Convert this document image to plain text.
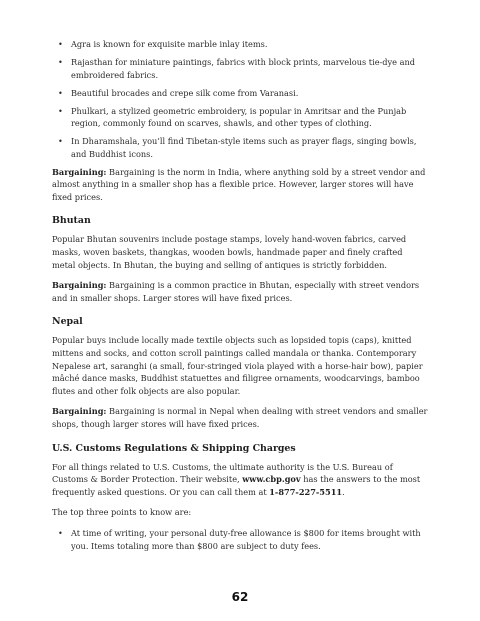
• Agra is known for exquisite marble inlay items.
• Rajasthan for miniature paintings, fabrics with block prints, marvelous tie-dye and embroidered fabrics.
• Beautiful brocades and crepe silk come from Varanasi.
• Phulkari, a stylized geometric embroidery, is popular in Amritsar and the Punjab region, commonly found on scarves, shawls, and other types of clothing.
• In Dharamshala, you’ll find Tibetan-style items such as prayer flags, singing bowls, and Buddhist icons.

Bargaining: Bargaining is the norm in India, where anything sold by a street vendor and almost anything in a smaller shop has a flexible price. However, larger stores will have fixed prices.

Bhutan

Popular Bhutan souvenirs include postage stamps, lovely hand-woven fabrics, carved masks, woven baskets, thangkas, wooden bowls, handmade paper and finely crafted metal objects. In Bhutan, the buying and selling of antiques is strictly forbidden.

Bargaining: Bargaining is a common practice in Bhutan, especially with street vendors and in smaller shops. Larger stores will have fixed prices.

Nepal

Popular buys include locally made textile objects such as lopsided topis (caps), knitted mittens and socks, and cotton scroll paintings called mandala or thanka. Contemporary Nepalese art, saranghi (a small, four-stringed viola played with a horse-hair bow), papier mâché dance masks, Buddhist statuettes and filigree ornaments, woodcarvings, bamboo flutes and other folk objects are also popular.

Bargaining: Bargaining is normal in Nepal when dealing with street vendors and smaller shops, though larger stores will have fixed prices.

U.S. Customs Regulations & Shipping Charges

For all things related to U.S. Customs, the ultimate authority is the U.S. Bureau of Customs & Border Protection. Their website, www.cbp.gov has the answers to the most frequently asked questions. Or you can call them at 1-877-227-5511.

The top three points to know are:

• At time of writing, your personal duty-free allowance is $800 for items brought with you. Items totaling more than $800 are subject to duty fees.
62
